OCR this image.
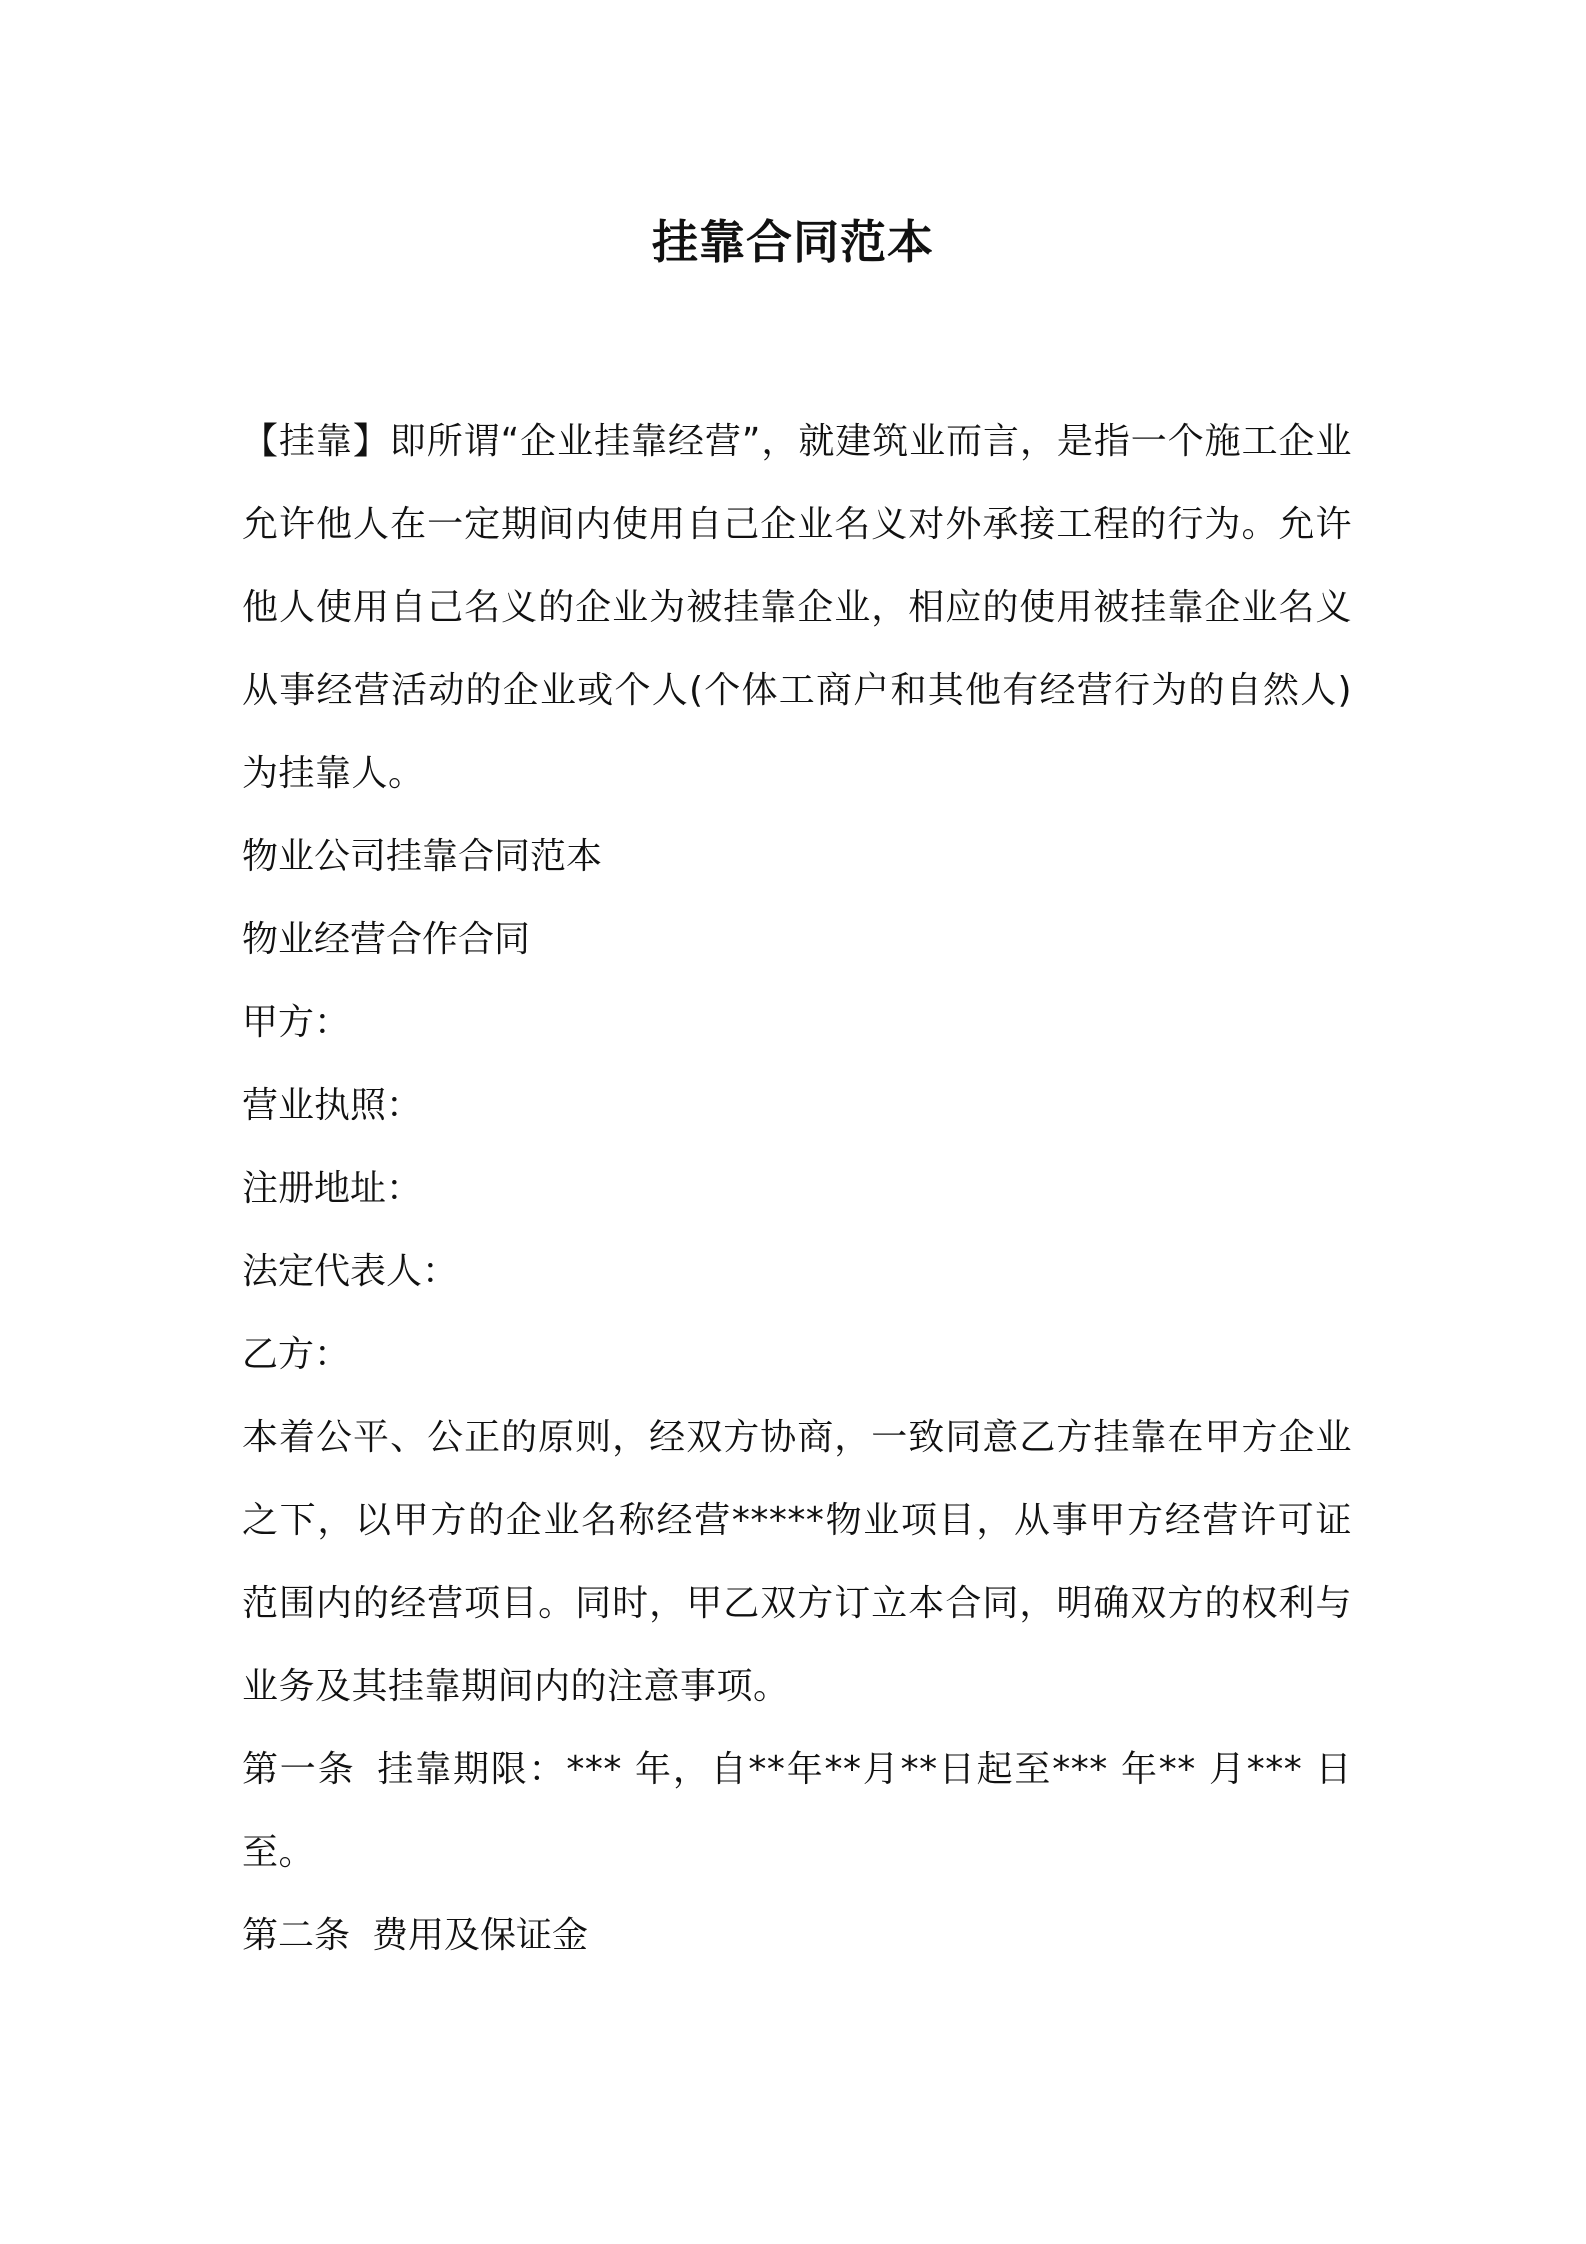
挂靠合同范本

【挂靠】即所谓“企业挂靠经营”，就建筑业而言，是指一个施工企业允许他人在一定期间内使用自己企业名义对外承接工程的行为。允许他人使用自己名义的企业为被挂靠企业，相应的使用被挂靠企业名义从事经营活动的企业或个人(个体工商户和其他有经营行为的自然人)为挂靠人。

物业公司挂靠合同范本

物业经营合作合同

甲方：

营业执照：

注册地址：

法定代表人：

乙方：

本着公平、公正的原则，经双方协商，一致同意乙方挂靠在甲方企业之下，以甲方的企业名称经营*****物业项目，从事甲方经营许可证范围内的经营项目。同时，甲乙双方订立本合同，明确双方的权利与业务及其挂靠期间内的注意事项。

第一条 挂靠期限：*** 年，自**年**月**日起至*** 年** 月*** 日至。

第二条 费用及保证金
